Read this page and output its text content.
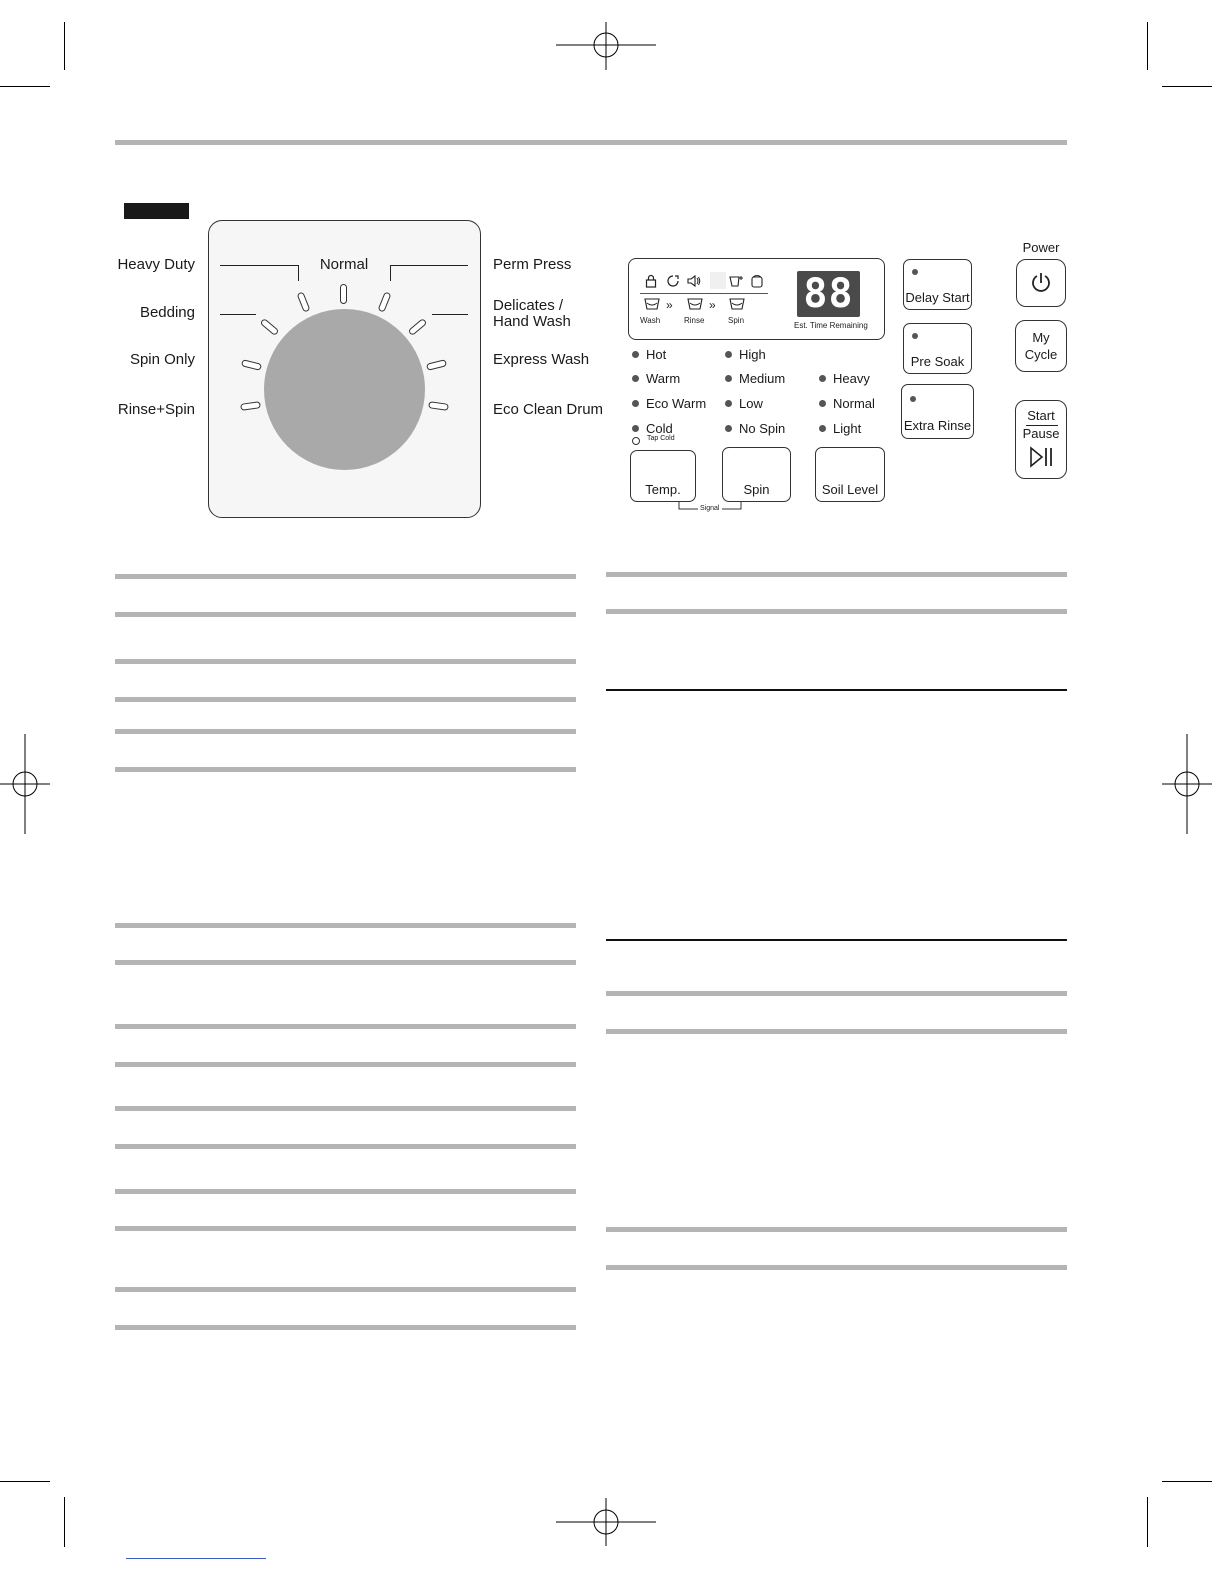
Heavy Duty
Bedding
Spin Only
Rinse+Spin
Normal	Perm Press
Delicates /
Hand Wash
Express Wash
Eco Clean Drum
»	»
Wash	Rinse	Spin
88
Est. Time Remaining
Hot
Warm
Eco Warm
Cold
Tap Cold
High
Medium
Low
No Spin
Heavy
Normal
Light
Temp.	Spin	Soil Level
Signal
Delay Start
Pre Soak
Extra Rinse
Power
My
Cycle
Start
Pause
